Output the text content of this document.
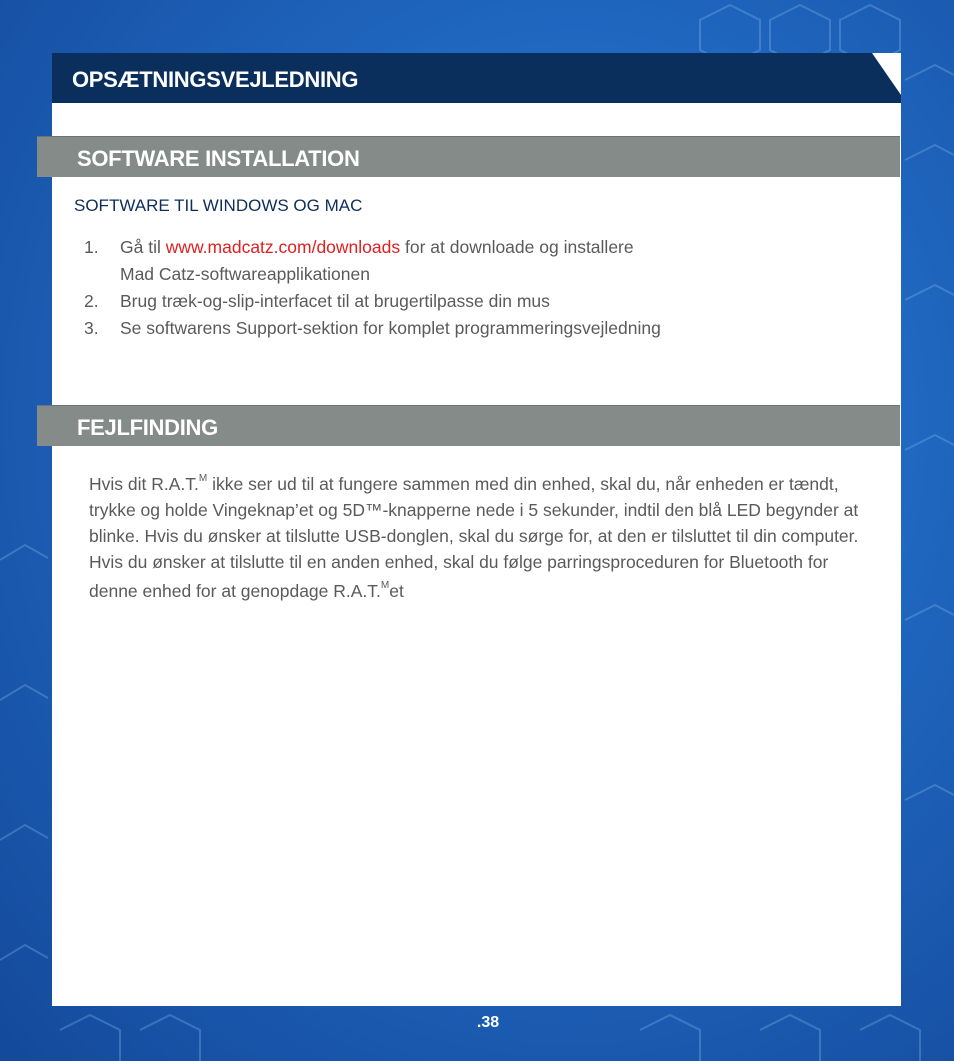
OPSÆTNINGSVEJLEDNING
SOFTWARE INSTALLATION
SOFTWARE TIL WINDOWS OG MAC
1. Gå til www.madcatz.com/downloads for at downloade og installere
Mad Catz-softwareapplikationen
2. Brug træk-og-slip-interfacet til at brugertilpasse din mus
3. Se softwarens Support-sektion for komplet programmeringsvejledning
FEJLFINDING
Hvis dit R.A.T.$^M$ ikke ser ud til at fungere sammen med din enhed, skal du, når enheden er tændt, trykke og holde Vingeknap’et og 5D™-knapperne nede i 5 sekunder, indtil den blå LED begynder at blinke. Hvis du ønsker at tilslutte USB-donglen, skal du sørge for, at den er tilsluttet til din computer. Hvis du ønsker at tilslutte til en anden enhed, skal du følge parringsproceduren for Bluetooth for denne enhed for at genopdage R.A.T.$^M$et
.38
